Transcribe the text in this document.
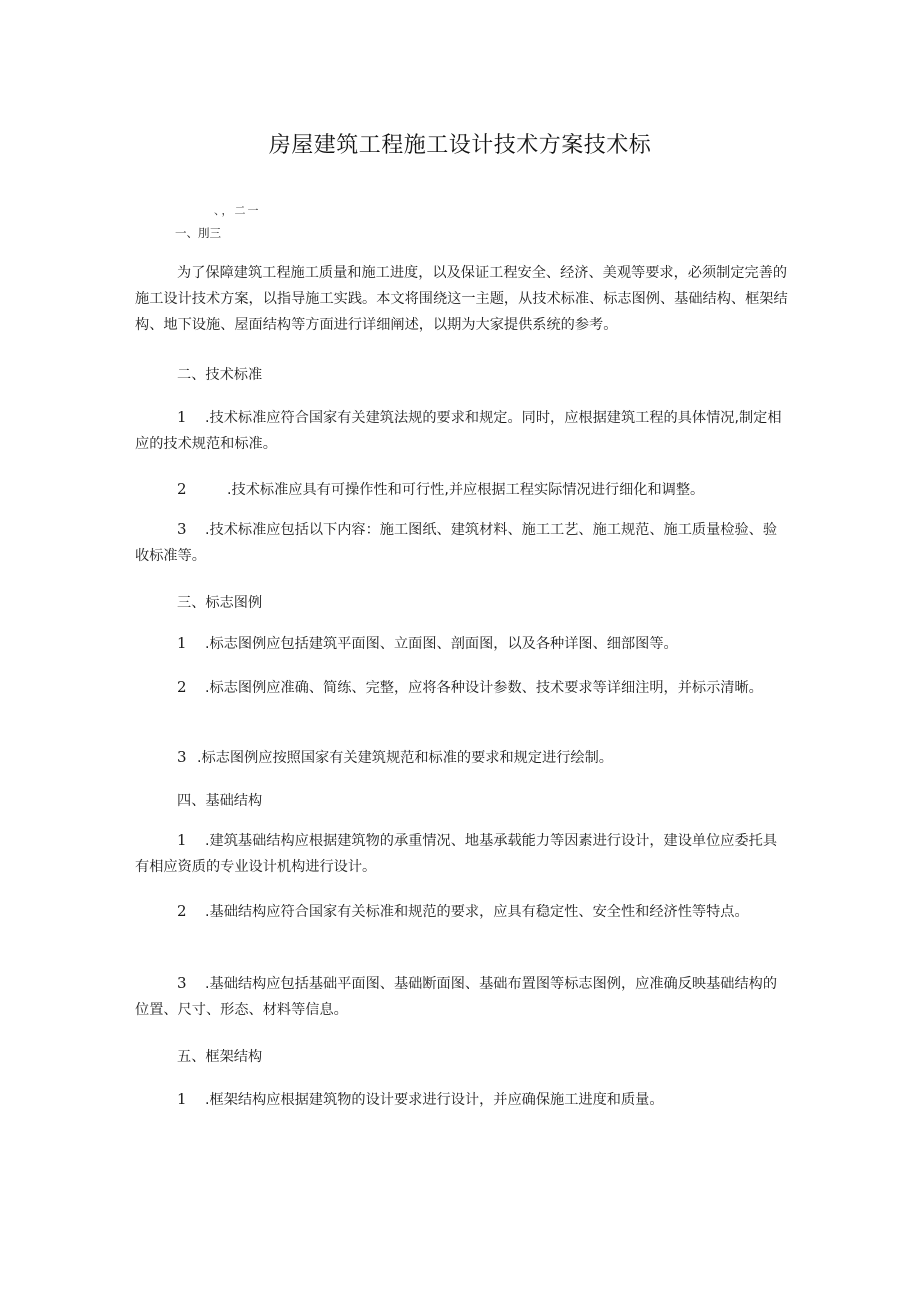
房屋建筑工程施工设计技术方案技术标
、，二一
一、刖三
为了保障建筑工程施工质量和施工进度，以及保证工程安全、经济、美观等要求，必须制定完善的施工设计技术方案，以指导施工实践。本文将围绕这一主题，从技术标准、标志图例、基础结构、框架结构、地下设施、屋面结构等方面进行详细阐述，以期为大家提供系统的参考。
二、技术标准
1 .技术标准应符合国家有关建筑法规的要求和规定。同时，应根据建筑工程的具体情况,制定相应的技术规范和标准。
2	.技术标准应具有可操作性和可行性,并应根据工程实际情况进行细化和调整。
3 .技术标准应包括以下内容：施工图纸、建筑材料、施工工艺、施工规范、施工质量检验、验收标准等。
三、标志图例
1 .标志图例应包括建筑平面图、立面图、剖面图，以及各种详图、细部图等。
2 .标志图例应准确、简练、完整，应将各种设计参数、技术要求等详细注明，并标示清晰。
3 .标志图例应按照国家有关建筑规范和标准的要求和规定进行绘制。
四、基础结构
1 .建筑基础结构应根据建筑物的承重情况、地基承载能力等因素进行设计，建设单位应委托具有相应资质的专业设计机构进行设计。
2 .基础结构应符合国家有关标准和规范的要求，应具有稳定性、安全性和经济性等特点。
3 .基础结构应包括基础平面图、基础断面图、基础布置图等标志图例，应准确反映基础结构的位置、尺寸、形态、材料等信息。
五、框架结构
1 .框架结构应根据建筑物的设计要求进行设计，并应确保施工进度和质量。
